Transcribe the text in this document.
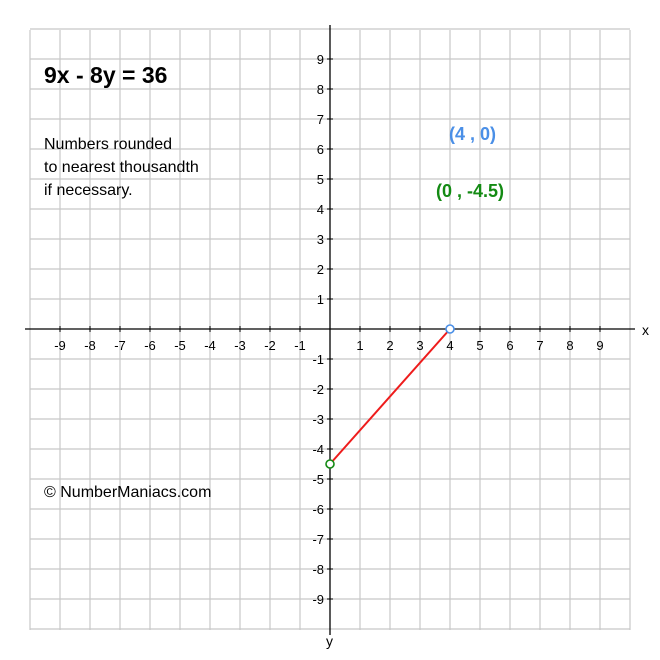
x
y
-9 -8 -7 -6 -5 -4 -3 -2 -1	1 2 3 4 5 6 7 8 9
9
8
7
6
5
4
3
2
1
-1
-2
-3
-4
-5
-6
-7
-8
-9
9x - 8y = 36
Numbers rounded
to nearest thousandth
if necessary.
© NumberManiacs.com
(4 , 0)
(0 , -4.5)
